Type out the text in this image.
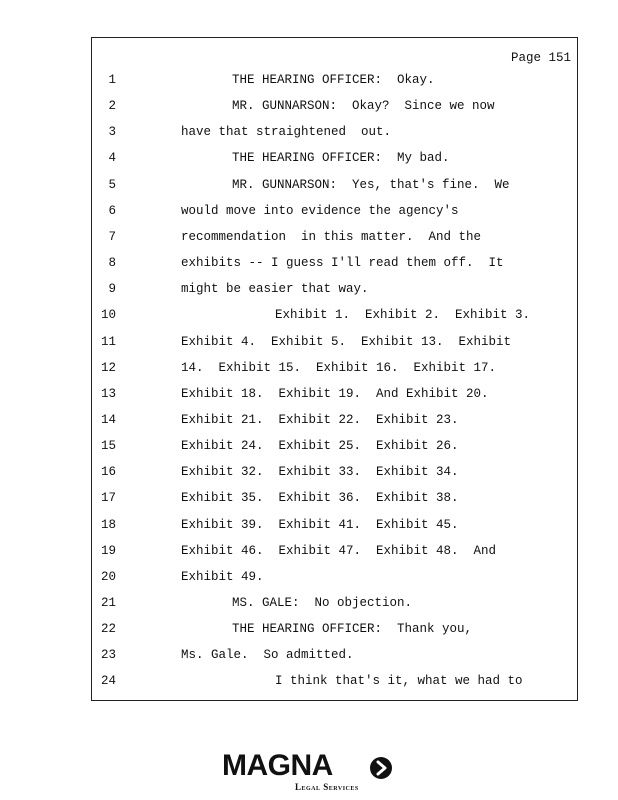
Page 151
1	THE HEARING OFFICER:  Okay.
2	MR. GUNNARSON:  Okay?  Since we now
3	have that straightened  out.
4	THE HEARING OFFICER:  My bad.
5	MR. GUNNARSON:  Yes, that's fine.  We
6	would move into evidence the agency's
7	recommendation  in this matter.  And the
8	exhibits -- I guess I'll read them off.  It
9	might be easier that way.
10	Exhibit 1.  Exhibit 2.  Exhibit 3.
11	Exhibit 4.  Exhibit 5.  Exhibit 13.  Exhibit
12	14.  Exhibit 15.  Exhibit 16.  Exhibit 17.
13	Exhibit 18.  Exhibit 19.  And Exhibit 20.
14	Exhibit 21.  Exhibit 22.  Exhibit 23.
15	Exhibit 24.  Exhibit 25.  Exhibit 26.
16	Exhibit 32.  Exhibit 33.  Exhibit 34.
17	Exhibit 35.  Exhibit 36.  Exhibit 38.
18	Exhibit 39.  Exhibit 41.  Exhibit 45.
19	Exhibit 46.  Exhibit 47.  Exhibit 48.  And
20	Exhibit 49.
21	MS. GALE:  No objection.
22	THE HEARING OFFICER:  Thank you,
23	Ms. Gale.  So admitted.
24	I think that's it, what we had to
MAGNA
Legal Services
